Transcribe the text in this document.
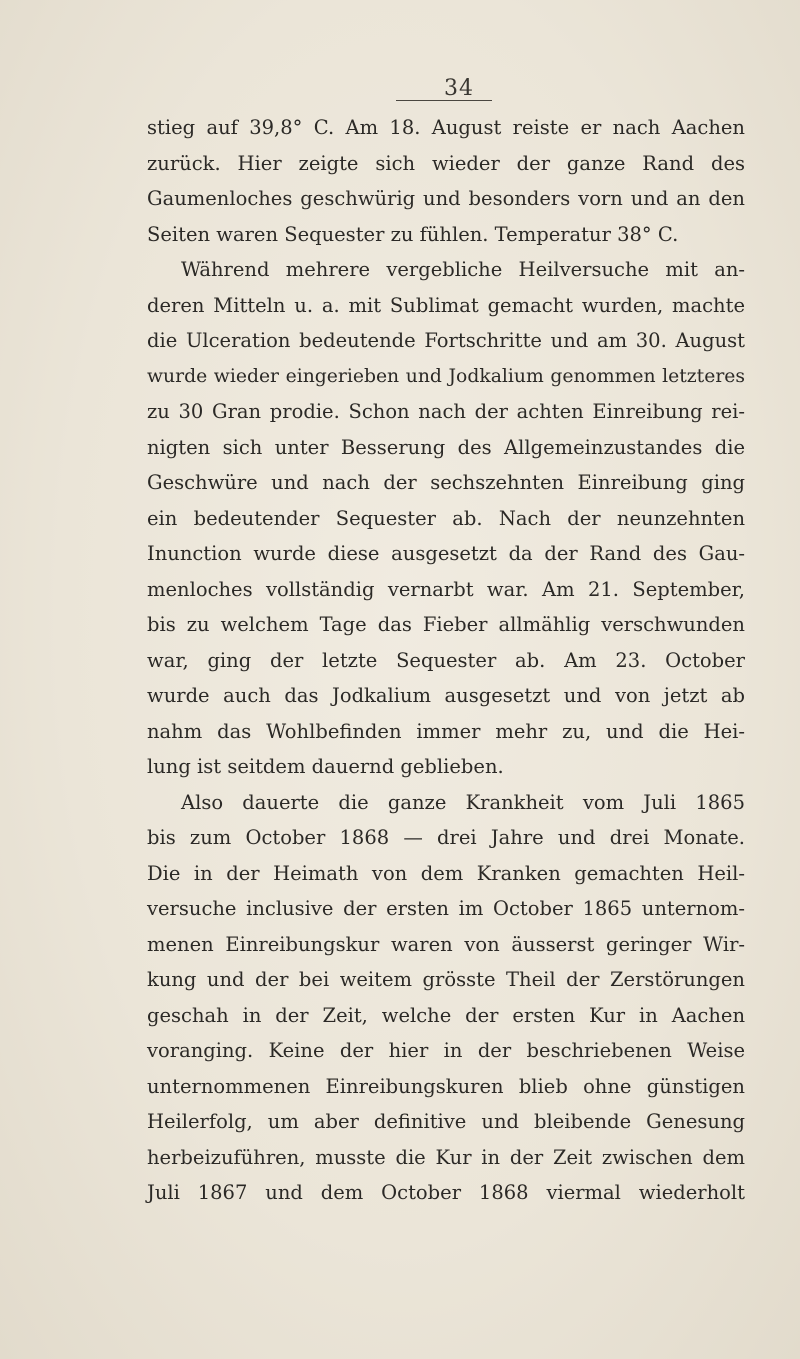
34
stieg auf 39,8° C. Am 18. August reiste er nach Aachen
zurück. Hier zeigte sich wieder der ganze Rand des
Gaumenloches geschwürig und besonders vorn und an den
Seiten waren Sequester zu fühlen. Temperatur 38° C.
Während mehrere vergebliche Heilversuche mit an-
deren Mitteln u. a. mit Sublimat gemacht wurden, machte
die Ulceration bedeutende Fortschritte und am 30. August
wurde wieder eingerieben und Jodkalium genommen letzteres
zu 30 Gran prodie. Schon nach der achten Einreibung rei-
nigten sich unter Besserung des Allgemeinzustandes die
Geschwüre und nach der sechszehnten Einreibung ging
ein bedeutender Sequester ab. Nach der neunzehnten
Inunction wurde diese ausgesetzt da der Rand des Gau-
menloches vollständig vernarbt war. Am 21. September,
bis zu welchem Tage das Fieber allmählig verschwunden
war, ging der letzte Sequester ab. Am 23. October
wurde auch das Jodkalium ausgesetzt und von jetzt ab
nahm das Wohlbefinden immer mehr zu, und die Hei-
lung ist seitdem dauernd geblieben.
Also dauerte die ganze Krankheit vom Juli 1865
bis zum October 1868 — drei Jahre und drei Monate.
Die in der Heimath von dem Kranken gemachten Heil-
versuche inclusive der ersten im October 1865 unternom-
menen Einreibungskur waren von äusserst geringer Wir-
kung und der bei weitem grösste Theil der Zerstörungen
geschah in der Zeit, welche der ersten Kur in Aachen
voranging. Keine der hier in der beschriebenen Weise
unternommenen Einreibungskuren blieb ohne günstigen
Heilerfolg, um aber definitive und bleibende Genesung
herbeizuführen, musste die Kur in der Zeit zwischen dem
Juli 1867 und dem October 1868 viermal wiederholt
